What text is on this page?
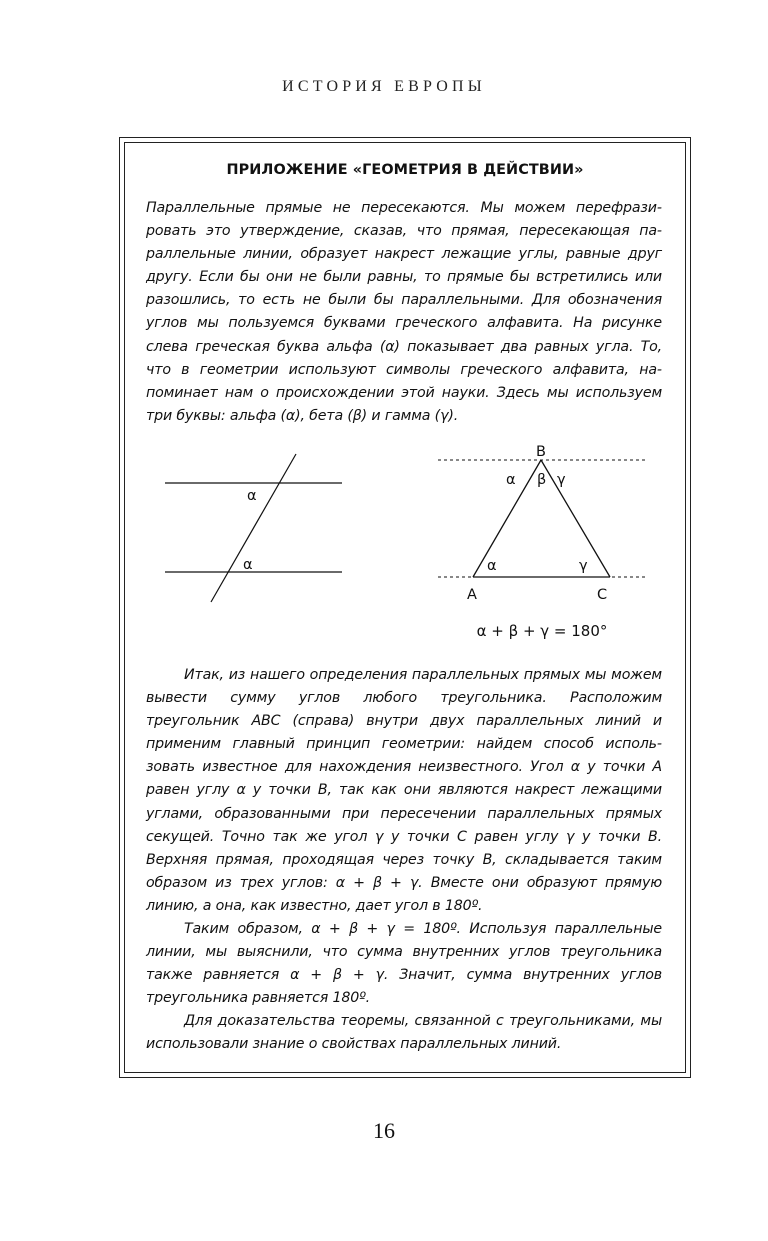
ИСТОРИЯ ЕВРОПЫ
ПРИЛОЖЕНИЕ «ГЕОМЕТРИЯ В ДЕЙСТВИИ»

Параллельные прямые не пересекаются. Мы можем перефразировать это утверждение, сказав, что прямая, пересекающая параллельные линии, образует накрест лежащие углы, равные друг другу. Если бы они не были равны, то прямые бы встретились или разошлись, то есть не были бы параллельными. Для обозначения углов мы пользуемся буквами греческого алфавита. На рисунке слева греческая буква альфа (α) показывает два равных угла. То, что в геометрии используют символы греческого алфавита, напоминает нам о происхождении этой науки. Здесь мы используем три буквы: альфа (α), бета (β) и гамма (γ).

α
α
B
α β γ
α	γ
A	C
α + β + γ = 180°

Итак, из нашего определения параллельных прямых мы можем вывести сумму углов любого треугольника. Расположим треугольник АВС (справа) внутри двух параллельных линий и применим главный принцип геометрии: найдем способ использовать известное для нахождения неизвестного. Угол α у точки А равен углу α у точки В, так как они являются накрест лежащими углами, образованными при пересечении параллельных прямых секущей. Точно так же угол γ у точки С равен углу γ у точки В. Верхняя прямая, проходящая через точку В, складывается таким образом из трех углов: α + β + γ. Вместе они образуют прямую линию, а она, как известно, дает угол в 180º.

Таким образом, α + β + γ = 180º. Используя параллельные линии, мы выяснили, что сумма внутренних углов треугольника также равняется α + β + γ. Значит, сумма внутренних углов треугольника равняется 180º.

Для доказательства теоремы, связанной с треугольниками, мы использовали знание о свойствах параллельных линий.

16
